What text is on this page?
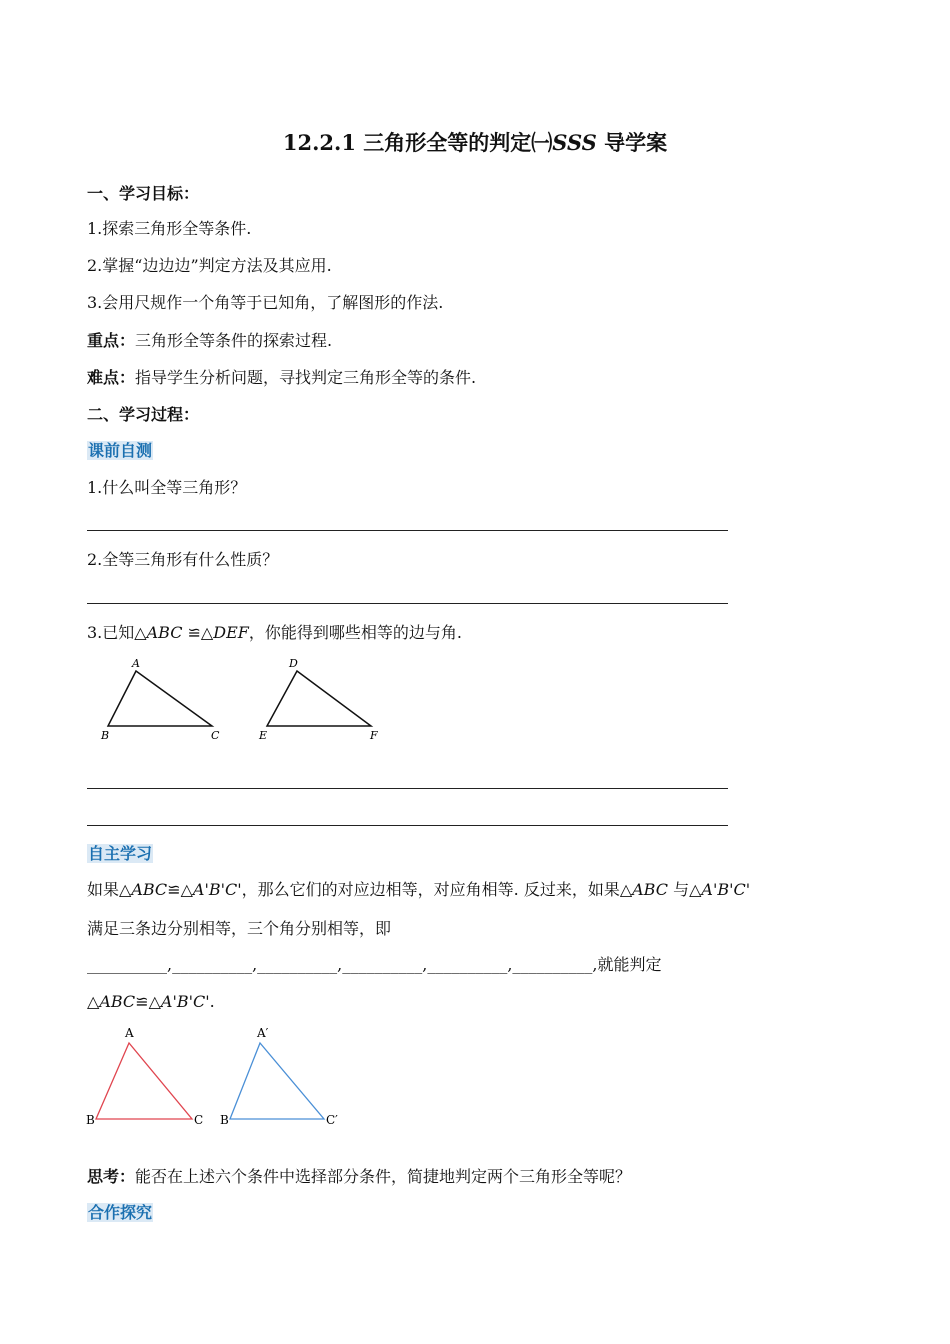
12.2.1 三角形全等的判定㈠SSS 导学案
一、学习目标：
1.探索三角形全等条件.
2.掌握“边边边”判定方法及其应用.
3.会用尺规作一个角等于已知角，了解图形的作法.
重点：三角形全等条件的探索过程.
难点：指导学生分析问题，寻找判定三角形全等的条件.
二、学习过程：
课前自测
1.什么叫全等三角形？
2.全等三角形有什么性质？
3.已知△ABC ≌△DEF，你能得到哪些相等的边与角.
A
B	C
D
E	F
自主学习
如果△ABC≌△A'B'C'，那么它们的对应边相等，对应角相等. 反过来，如果△ABC 与△A'B'C'
满足三条边分别相等，三个角分别相等，即
__________,__________,__________,__________,__________,__________,就能判定
△ABC≌△A'B'C'.
A
B	C
A′
B	C′
思考：能否在上述六个条件中选择部分条件，简捷地判定两个三角形全等呢？
合作探究
